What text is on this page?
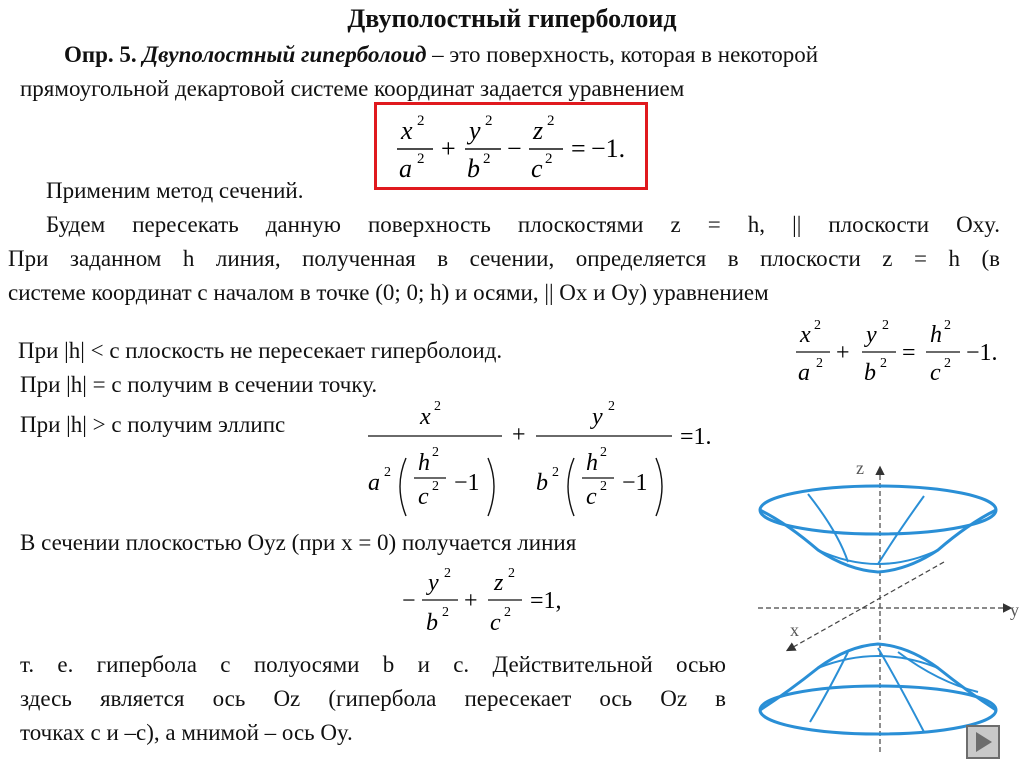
Двуполостный гиперболоид
Опр. 5. Двуполостный гиперболоид – это поверхность, которая в некоторой
прямоугольной декартовой системе координат задается уравнением
x 2
a 2 +
y 2
b 2 −
z 2
c 2 = −1.
Применим метод сечений.
Будем пересекать данную поверхность плоскостями z = h, || плоскости Oxy.
При заданном h линия, полученная в сечении, определяется в плоскости z = h (в
системе координат с началом в точке (0; 0; h) и осями, || Ox и Oy) уравнением
x 2
a 2 +
y 2
b 2 =
h 2
c 2 −1.
При |h| < c плоскость не пересекает гиперболоид.
При |h| = c получим в сечении точку.
При |h| > c получим эллипс	x 2
a 2 h 2
c 2 −1
+
y 2
b 2 h 2
c 2 −1
=1.
В сечении плоскостью Oyz (при x = 0) получается линия
−
y 2
b 2 +
z 2
c 2 =1,
т. е. гипербола с полуосями b и c. Действительной осью
здесь является ось Oz (гипербола пересекает ось Oz в
точках c и –c), а мнимой – ось Oy.
z
y
x
